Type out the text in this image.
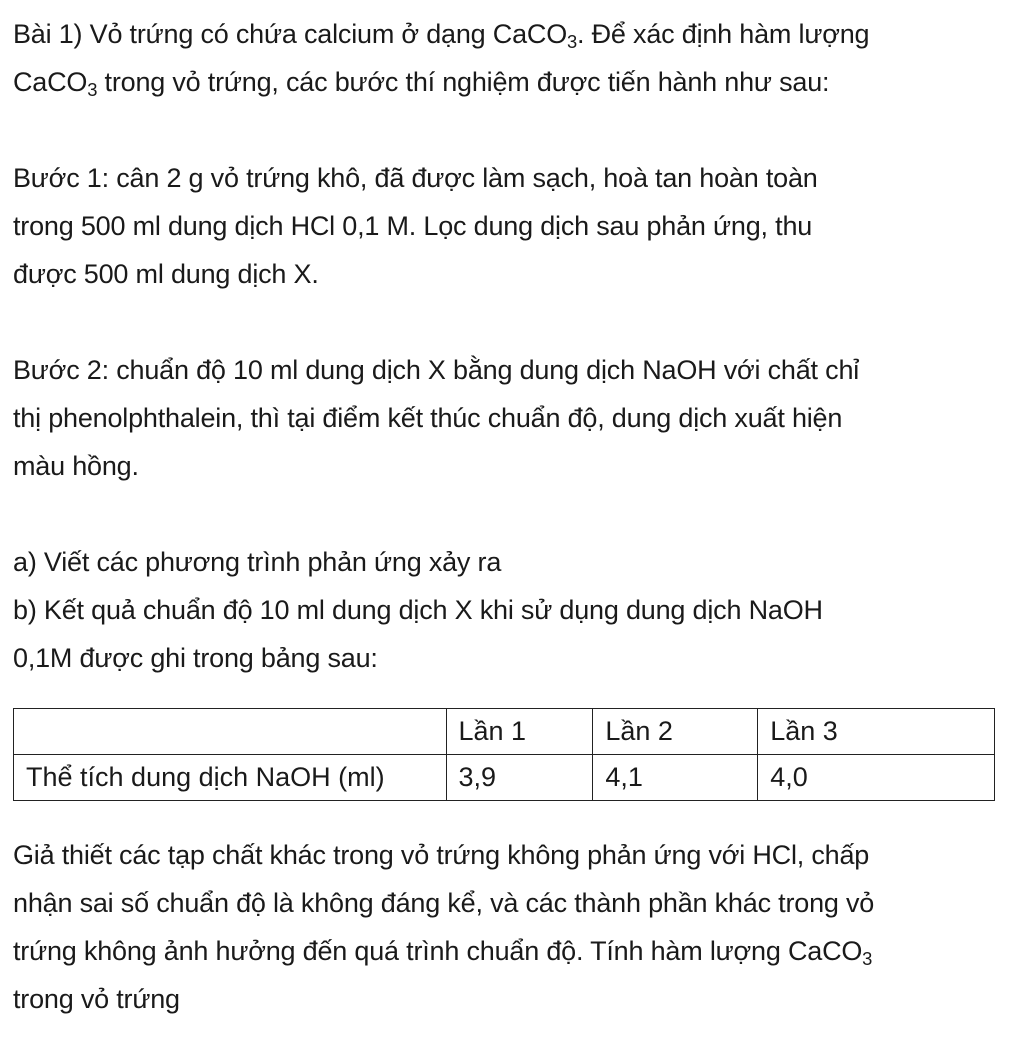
Bài 1) Vỏ trứng có chứa calcium ở dạng CaCO$_3$. Để xác định hàm lượng
CaCO$_3$ trong vỏ trứng, các bước thí nghiệm được tiến hành như sau:
Bước 1: cân 2 g vỏ trứng khô, đã được làm sạch, hoà tan hoàn toàn
trong 500 ml dung dịch HCl 0,1 M. Lọc dung dịch sau phản ứng, thu
được 500 ml dung dịch X.
Bước 2: chuẩn độ 10 ml dung dịch X bằng dung dịch NaOH với chất chỉ
thị phenolphthalein, thì tại điểm kết thúc chuẩn độ, dung dịch xuất hiện
màu hồng.
a) Viết các phương trình phản ứng xảy ra
b) Kết quả chuẩn độ 10 ml dung dịch X khi sử dụng dung dịch NaOH
0,1M được ghi trong bảng sau:
	Lần 1	Lần 2	Lần 3
Thể tích dung dịch NaOH (ml)	3,9	4,1	4,0
Giả thiết các tạp chất khác trong vỏ trứng không phản ứng với HCl, chấp
nhận sai số chuẩn độ là không đáng kể, và các thành phần khác trong vỏ
trứng không ảnh hưởng đến quá trình chuẩn độ. Tính hàm lượng CaCO$_3$
trong vỏ trứng
